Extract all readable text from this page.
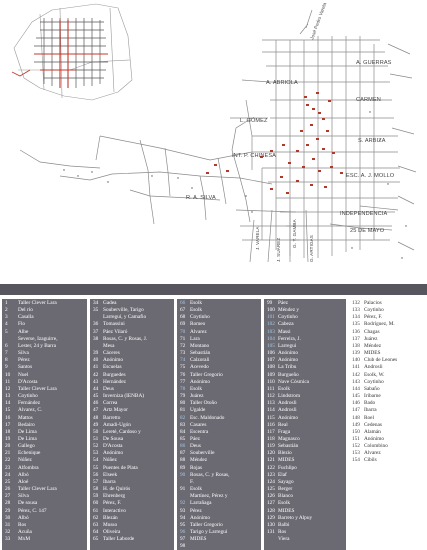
A. GUERRAS
A. ABRIOLA
CARMEN
L. GÓMEZ
S. ARBIZA
INT. P. CHINESA
ESC. A. J. MOLLO
R. A. SILVA
INDEPENDENCIA
25 DE MAYO
J. VARELA	J. SUÁREZ
G. Y. GAMBA
G. ARTIGAS
José Pedro Varela
1
2
3
4
5

6
7
8
9
10
11
12
13
14
15
16
17
18
19
20
21
22
23
24
25
26
27
28
29
30
31
32
33
Taller Clever Lara
Del río
Casalla
Flo
Albe
Severse, Izaguirre,
Lester, 24 y Barra
Silva
Pérez
Santos
Nuel
D'Acosta
Taller Clever Lara
Coytinho
Fernández
Álvarez, C.
Mattos
Bedairo
De Lima
De Lima
Gallego
Echenique
Núñez
Alfombra
Albó
Aloé
Taller Clever Lara
Silva
De sousa
Pérez, C. 147
Albó
Ros
Acuña
MxM
34
35

36
37
38

39
40
41
42
43
44
45
46
47
48
49
50
51
52
53
54
55
56
57
58
59
60
61
62
63
64
65
Gadea
Souberville, Tarigo
Larregui, y Camafio
Tomassini
Páez Vilaró
Rosas, C. y Rosas, J.
Mesa
Cáceres
Anónimo
Escuelas
Burguedes
Hernández
Deus
Inverniza (IENBA)
Correa
Artz Mayor
Barretto
Amadi-Ugón
Lereté, Cardoso y
De Sousa
D'Acosta
Anónimo
Núñez
Puentes de Plata
Elseek
Ibarra
H. de Quirós
Ehrenberg
Pérez, F.
Interactivo
Blezán
Musso
Oliveira
Taller Laborde
66
67
68
69
70
71
72
73
74
75
76
77
78
79
80
81
82
83
84
85
86
87
88
89
90

91

92
93
94
95
96
97
98
Esolk
Esolk
Coytinho
Romeo
Álvarez
Lara
Montano
Sebastián
Calzorali
Acevedo
Taller Gregorio
Anónimo
Esolk
Juárez
Taller Otoño
Ugalde
Esc. Maldonado
Casares
Escentra
Páez
Deus
Souberville
Méndez
Rojas
Rosas, C. y Rosas,
F.
Esolk
Martínez, Pérez y
Larrañaga
Pérez
Anónimo
Taller Gregorio
Tarigo y Larregui
MIDES
99
100
101
102
103
104
105
106
107
108
109
110
111
112
113
114
115
116
117
118
119
120
121
122
123
124
125
126
127
128
129
130
131
Páez
Méndez y
Coytinho
Cabeza
Massi
Ferreira, J.
Larregui
Anónimo
Anónimo
La Tribu
Burgueño
Nave Cósmica
Esolk
Lindstrom
Androsli
Androsli
Anónimo
Real
Fraga
Magnasco
Sebastián
Blezio
MIDES
Fuchlipo
Elaf
Sayago
Berger
Blanco
Esolk
MIDES
Barreto y Alpuy
Balbi
Ros
Viera
132
133
134
135
136
137
138
139
140
141
142
143
144
145
146
147
148
149
150
151
152
153
154
Palacios
Coytinho
Pérez, F.
Rodríguez, M.
Chagas
Juárez
Méndez
MIDES
Club de Leones
Androsli
Esolk, W.
Coytinho
Sabaño
Iribarne
Bado
Ibarra
Roel
Cedenas
Alamán
Anónimo
Colombino
Alvarez
Cibils
